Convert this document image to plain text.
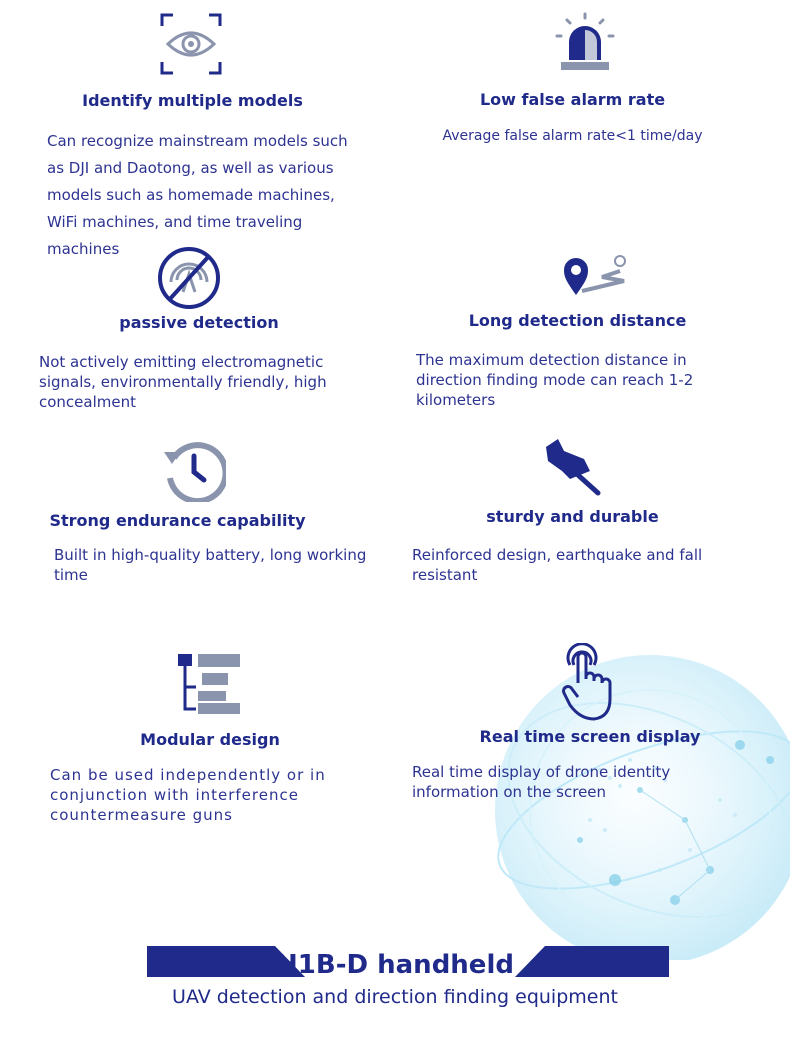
Identify multiple models
Can recognize mainstream models such as DJI and Daotong, as well as various models such as homemade machines, WiFi machines, and time traveling machines
Low false alarm rate
Average false alarm rate<1 time/day
passive detection
Not actively emitting electromagnetic signals, environmentally friendly, high concealment
Long detection distance
The maximum detection distance in direction finding mode can reach 1-2 kilometers
Strong endurance capability
Built in high-quality battery, long working time
sturdy and durable
Reinforced design, earthquake and fall resistant
Modular design
Can be used independently or in conjunction with interference countermeasure guns
Real time screen display
Real time display of drone identity information on the screen
H1B-D handheld
UAV detection and direction finding equipment
